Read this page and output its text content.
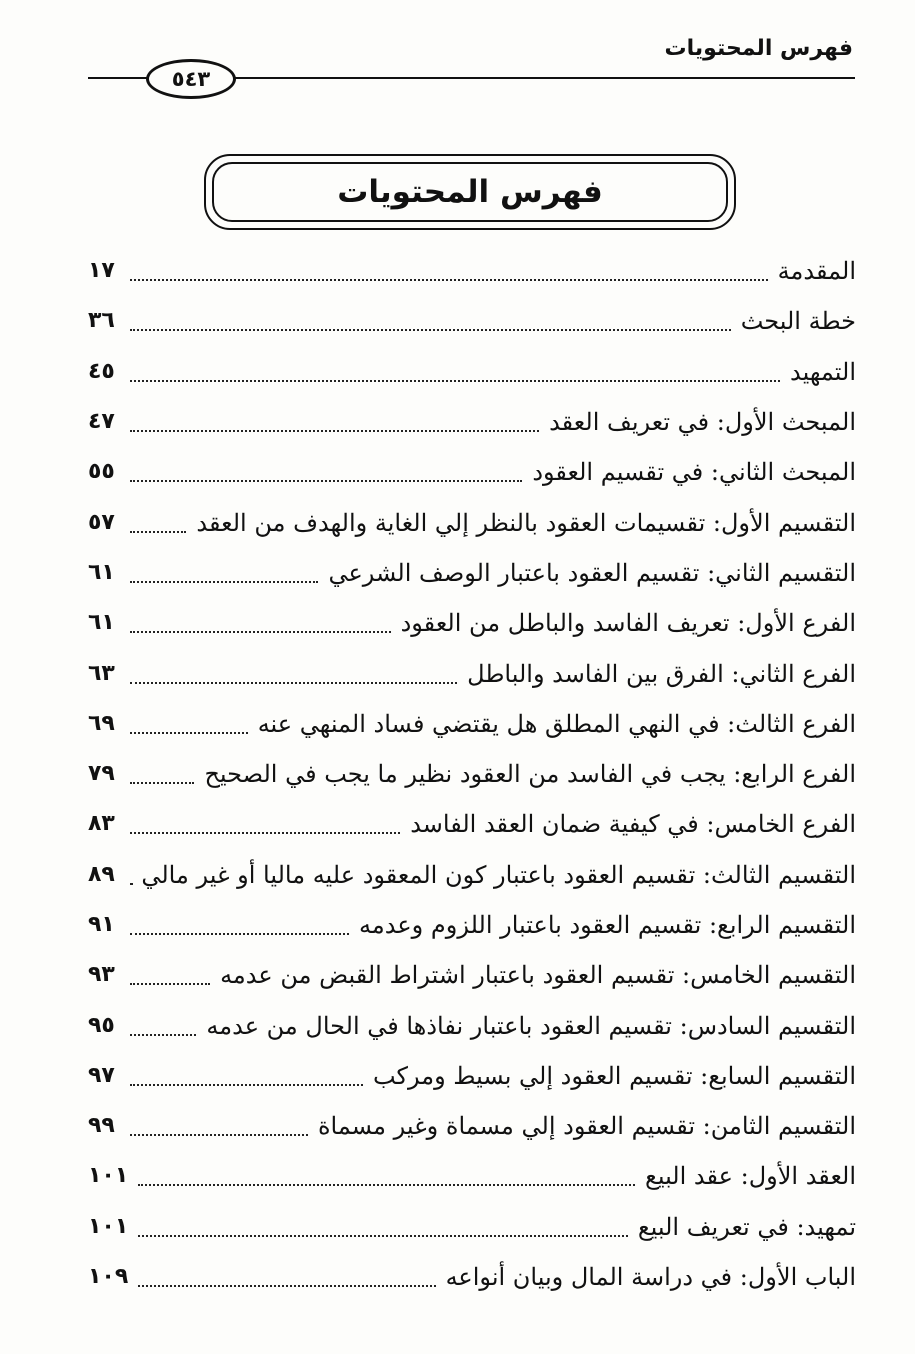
فهرس المحتويات
٥٤٣
فهرس المحتويات
المقدمة
١٧
خطة البحث
٣٦
التمهيد
٤٥
المبحث الأول: في تعريف العقد
٤٧
المبحث الثاني: في تقسيم العقود
٥٥
التقسيم الأول: تقسيمات العقود بالنظر إلي الغاية والهدف من العقد
٥٧
التقسيم الثاني: تقسيم العقود باعتبار الوصف الشرعي
٦١
الفرع الأول: تعريف الفاسد والباطل من العقود
٦١
الفرع الثاني: الفرق بين الفاسد والباطل
٦٣
الفرع الثالث: في النهي المطلق هل يقتضي فساد المنهي عنه
٦٩
الفرع الرابع: يجب في الفاسد من العقود نظير ما يجب في الصحيح
٧٩
الفرع الخامس: في كيفية ضمان العقد الفاسد
٨٣
التقسيم الثالث: تقسيم العقود باعتبار كون المعقود عليه ماليا أو غير مالي
٨٩
التقسيم الرابع: تقسيم العقود باعتبار اللزوم وعدمه
٩١
التقسيم الخامس: تقسيم العقود باعتبار اشتراط القبض من عدمه
٩٣
التقسيم السادس: تقسيم العقود باعتبار نفاذها في الحال من عدمه
٩٥
التقسيم السابع: تقسيم العقود إلي بسيط ومركب
٩٧
التقسيم الثامن: تقسيم العقود إلي مسماة وغير مسماة
٩٩
العقد الأول: عقد البيع
١٠١
تمهيد: في تعريف البيع
١٠١
الباب الأول: في دراسة المال وبيان أنواعه
١٠٩
